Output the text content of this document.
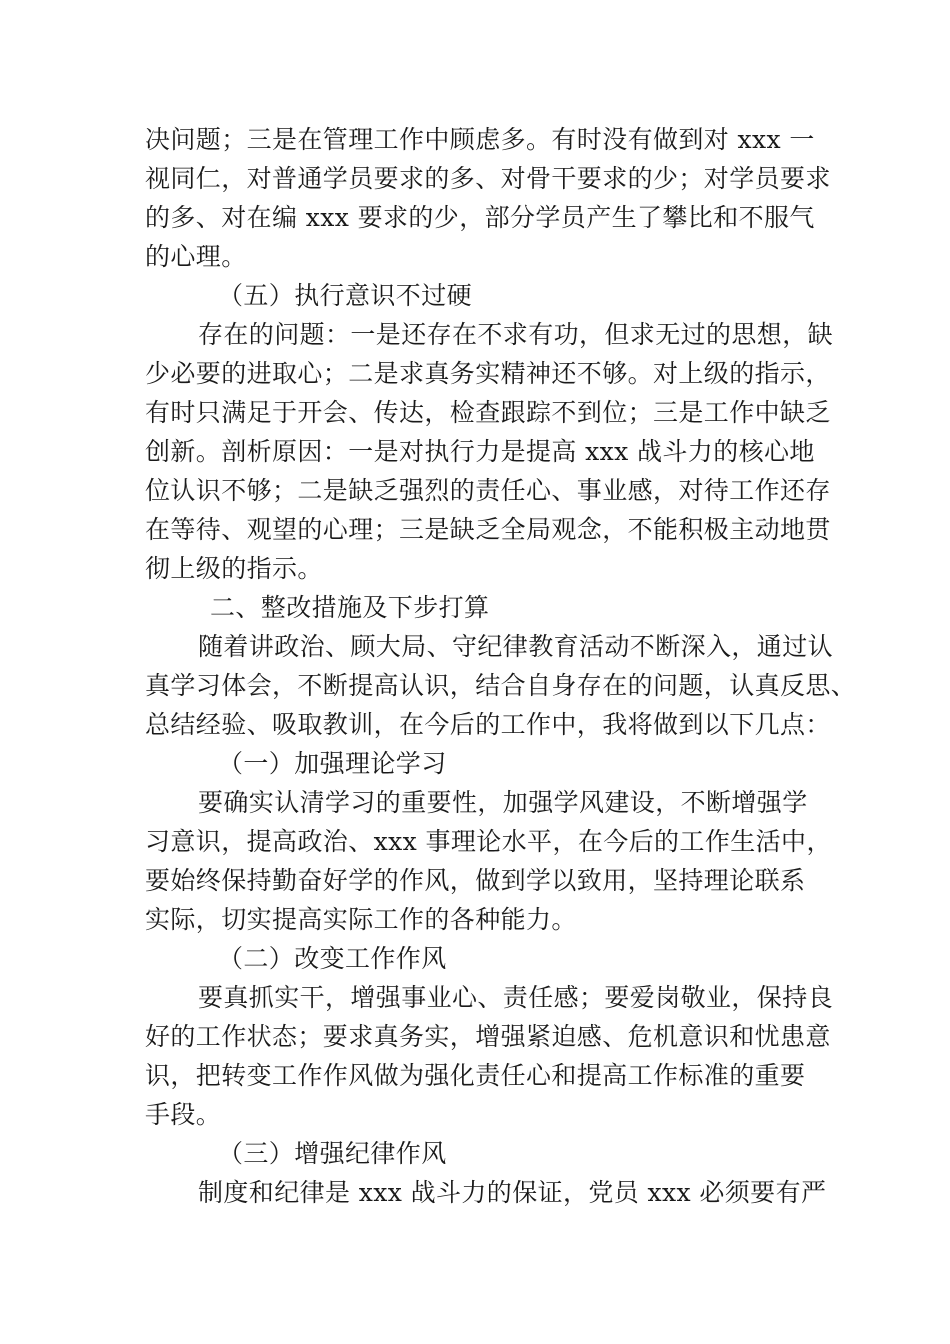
决问题；三是在管理工作中顾虑多。有时没有做到对 xxx 一
视同仁，对普通学员要求的多、对骨干要求的少；对学员要求
的多、对在编 xxx 要求的少，部分学员产生了攀比和不服气
的心理。
（五）执行意识不过硬
存在的问题：一是还存在不求有功，但求无过的思想，缺
少必要的进取心；二是求真务实精神还不够。对上级的指示，
有时只满足于开会、传达，检查跟踪不到位；三是工作中缺乏
创新。剖析原因：一是对执行力是提高 xxx 战斗力的核心地
位认识不够；二是缺乏强烈的责任心、事业感，对待工作还存
在等待、观望的心理；三是缺乏全局观念，不能积极主动地贯
彻上级的指示。
二、整改措施及下步打算
随着讲政治、顾大局、守纪律教育活动不断深入，通过认
真学习体会，不断提高认识，结合自身存在的问题，认真反思、
总结经验、吸取教训，在今后的工作中，我将做到以下几点：
（一）加强理论学习
要确实认清学习的重要性，加强学风建设，不断增强学
习意识，提高政治、xxx 事理论水平，在今后的工作生活中，
要始终保持勤奋好学的作风，做到学以致用，坚持理论联系
实际，切实提高实际工作的各种能力。
（二）改变工作作风
要真抓实干，增强事业心、责任感；要爱岗敬业，保持良
好的工作状态；要求真务实，增强紧迫感、危机意识和忧患意
识，把转变工作作风做为强化责任心和提高工作标准的重要
手段。
（三）增强纪律作风
制度和纪律是 xxx 战斗力的保证，党员 xxx 必须要有严
